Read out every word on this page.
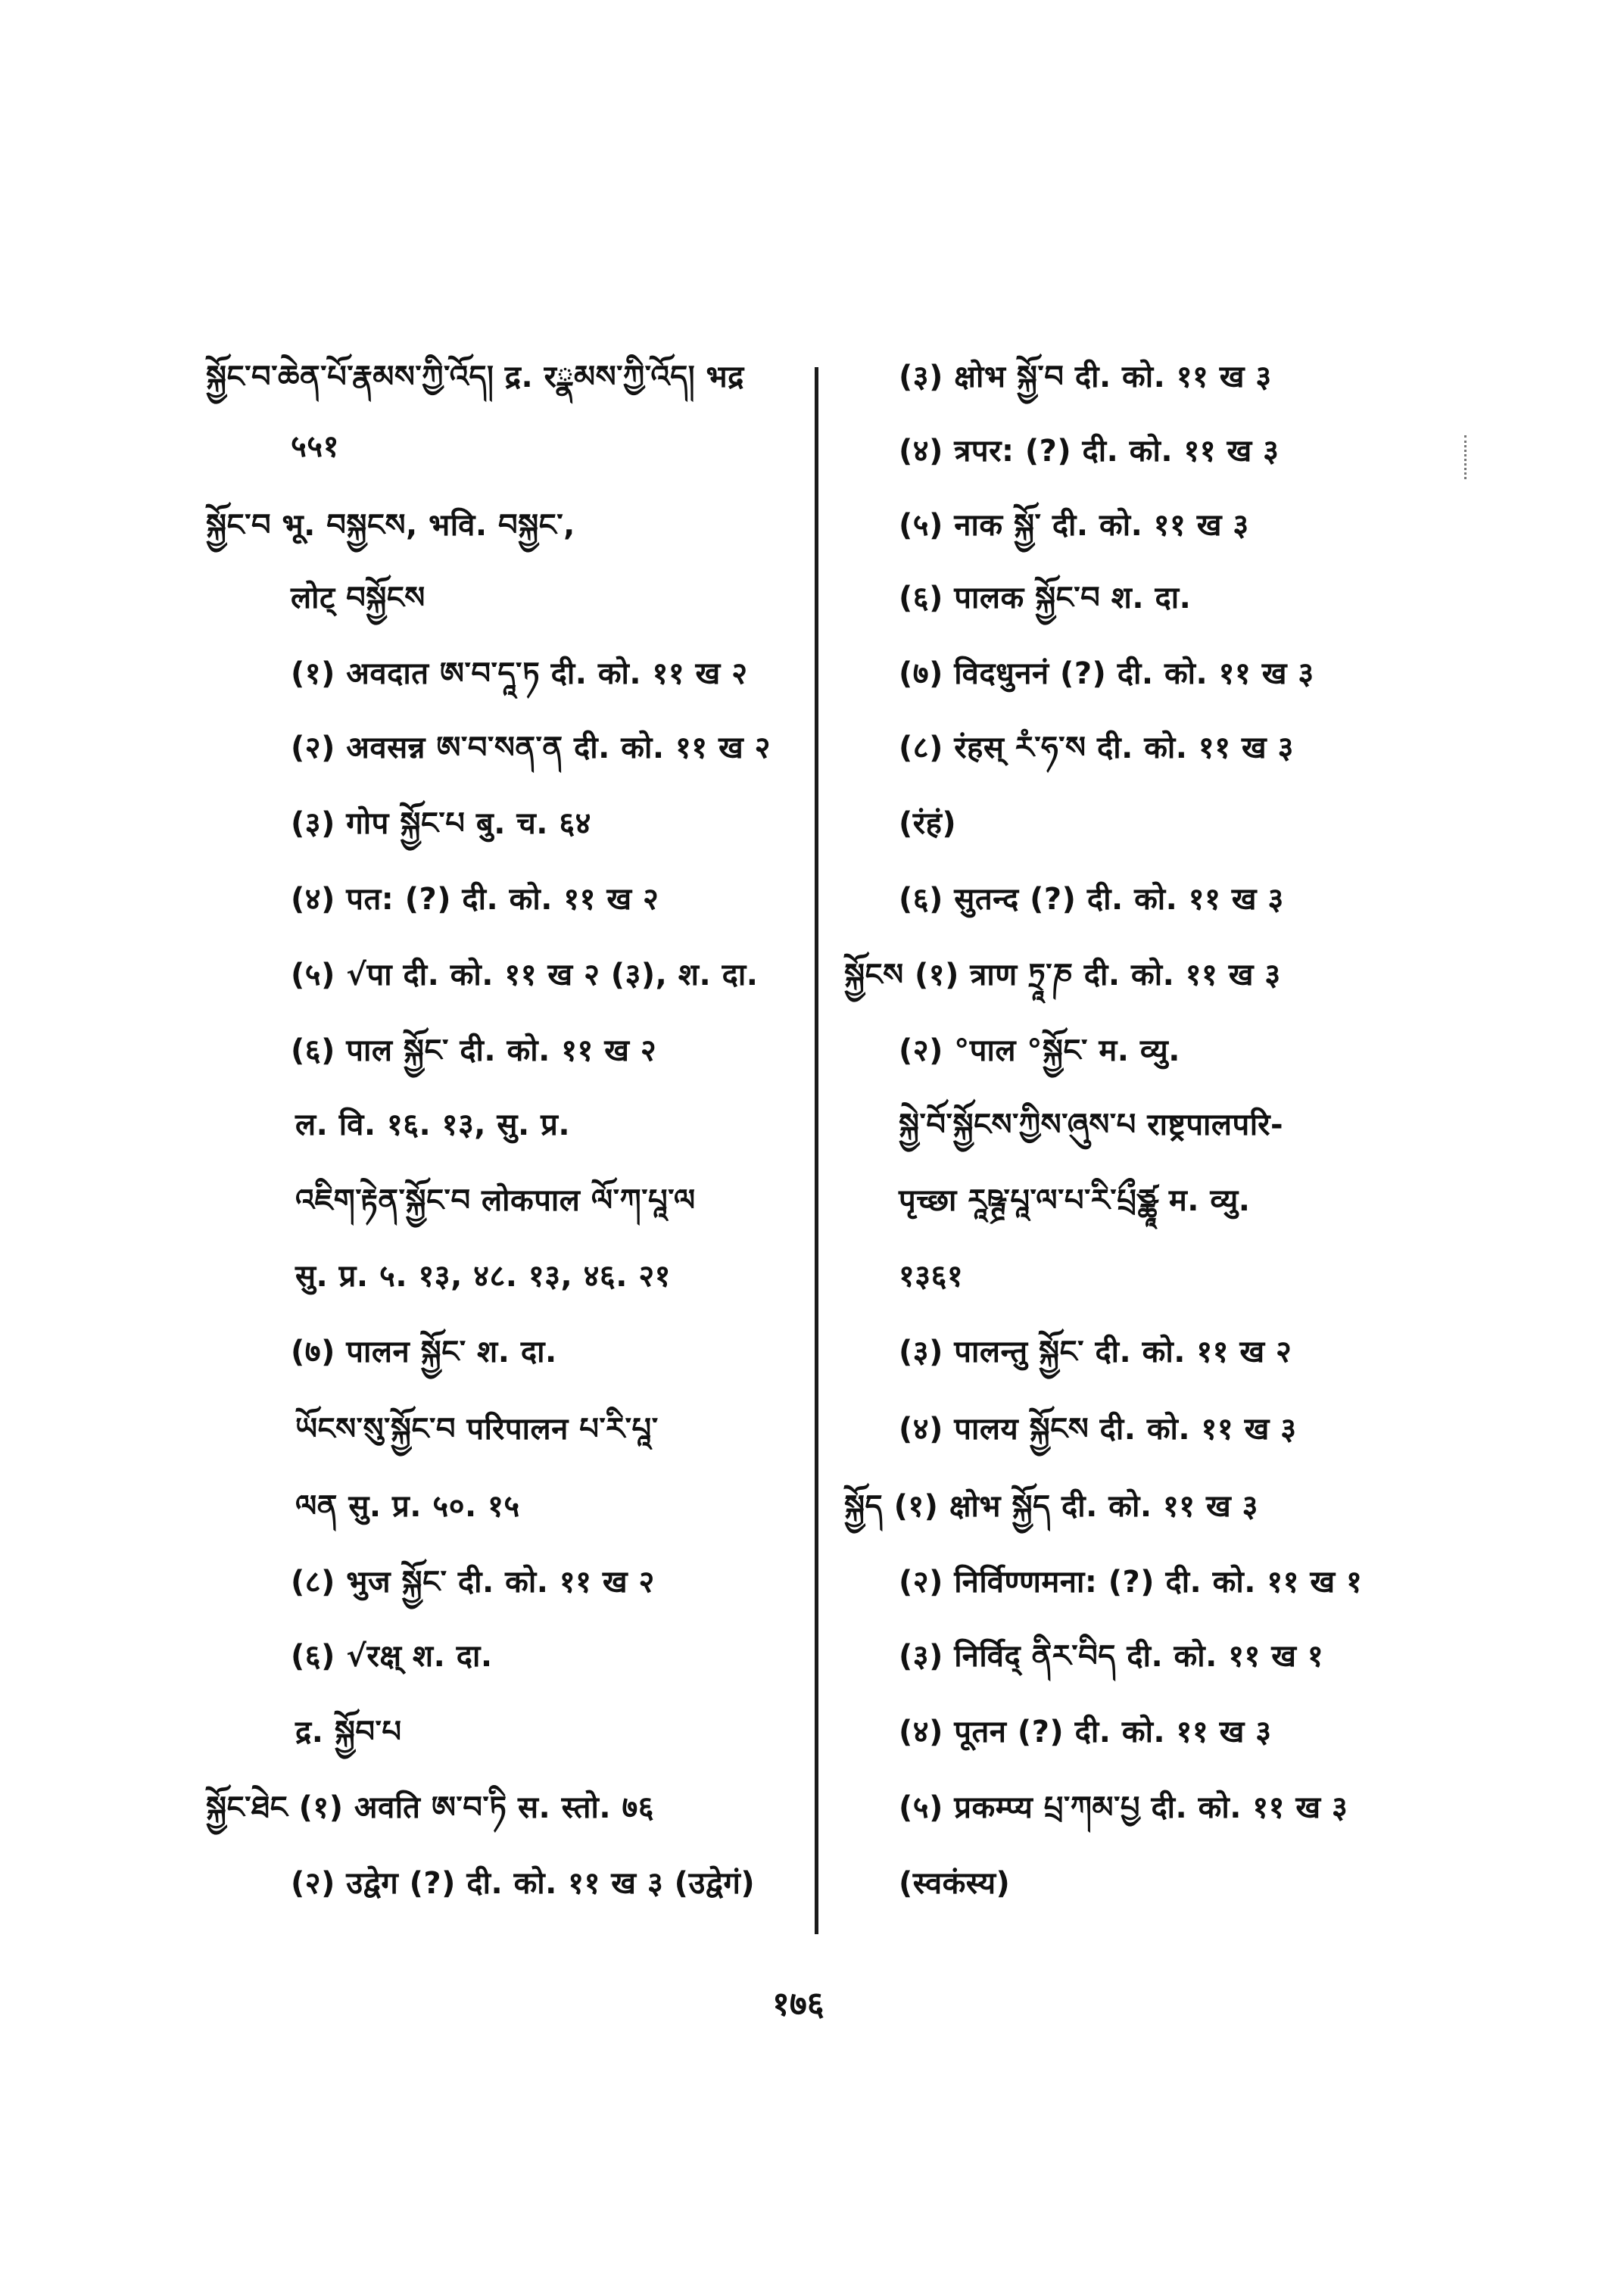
སྐྱོང་བ་ཆེན་པོ་རྣམས་ཀྱི་འོད། द्र. रྣམས་ཀྱི་འོད། भद्र
५५१
སྐྱོང་བ भू. བསྐྱངས, भवि. བསྐྱང་,
लोट् བསྐྱོངས
(१) अवदात ཨ་བ་དཱ་ཏ दी. को. ११ ख २
(२) अवसन्न ཨ་བ་སན་ན दी. को. ११ ख २
(३) गोप སྐྱོང་པ बु. च. ६४
(४) पत: (?) दी. को. ११ ख २
(५) √पा दी. को. ११ ख २ (३), श. दा.
(६) पाल སྐྱོང་ दी. को. ११ ख २
ल. वि. १६. १३, सु. प्र.
འཇིག་རྟེན་སྐྱོང་བ लोकपाल ལོ་ཀ་པཱ་ལ
सु. प्र. ५. १३, ४८. १३, ४६. २१
(७) पालन སྐྱོང་ श. दा.
ཡོངས་སུ་སྐྱོང་བ परिपालन པ་རི་པཱ་
ལན सु. प्र. ५०. १५
(८) भुज སྐྱོང་ दी. को. ११ ख २
(६) √रक्ष् श. दा.
द्र. སྐྱོབ་པ
སྐྱོང་ཐེང (१) अवति ཨ་བ་ཏི स. स्तो. ७६
(२) उद्वेग (?) दी. को. ११ ख ३ (उद्वेगं)
(३) क्षोभ སྐྱོ་བ दी. को. ११ ख ३
(४) त्रपर: (?) दी. को. ११ ख ३
(५) नाक སྐྱོ་ दी. को. ११ ख ३
(६) पालक སྐྱོང་བ श. दा.
(७) विदधुननं (?) दी. को. ११ ख ३
(८) रंहस् རཾ་ཧ་ས दी. को. ११ ख ३
(रंहं)
(६) सुतन्द (?) दी. को. ११ ख ३
སྐྱོངས (१) त्राण ཏྲཱ་ཎ दी. को. ११ ख ३
(२) °पाल °སྐྱོང་ म. व्यु.
སྐྱེ་བོ་སྐྱོངས་ཀྱིས་ཞུས་པ राष्ट्रपालपरि-
पृच्छा རཱཥྚྲ་པཱ་ལ་པ་རི་པྲྀཙྪཱ म. व्यु.
१३६१
(३) पालन्तु སྐྱོང་ दी. को. ११ ख २
(४) पालय སྐྱོངས दी. को. ११ ख ३
སྐྱོད (१) क्षोभ སྐྱོད दी. को. ११ ख ३
(२) निर्विण्णमना: (?) दी. को. ११ ख १
(३) निर्विद् ནིར་བིད दी. को. ११ ख १
(४) पूतन (?) दी. को. ११ ख ३
(५) प्रकम्प्य པྲ་ཀམ་པྱ दी. को. ११ ख ३
(स्वकंस्य)
१७६
